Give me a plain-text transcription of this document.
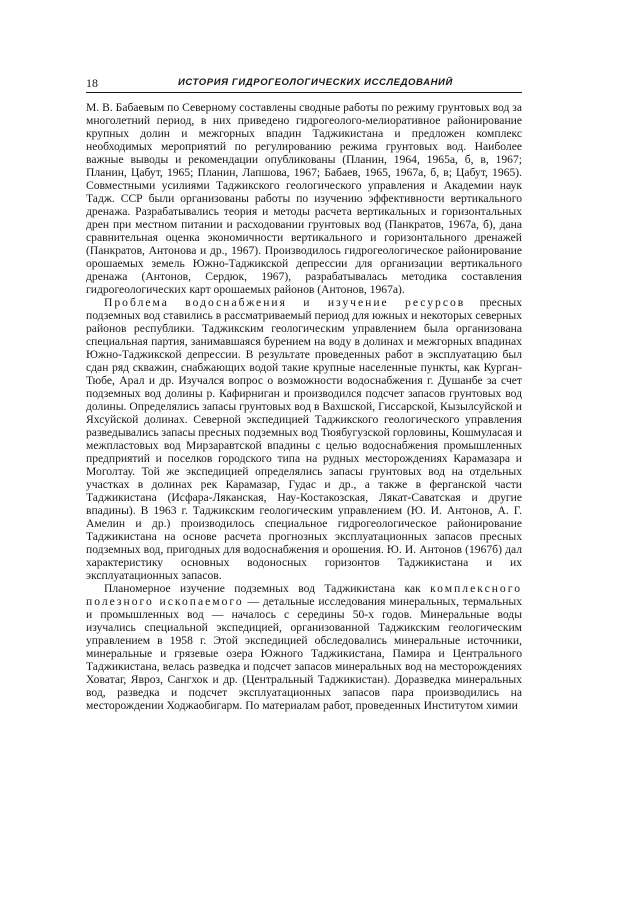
18	ИСТОРИЯ ГИДРОГЕОЛОГИЧЕСКИХ ИССЛЕДОВАНИЙ

М. В. Бабаевым по Северному составлены сводные работы по режиму грунтовых вод за многолетний период, в них приведено гидрогеолого-мелиоративное районирование крупных долин и межгорных впадин Таджикистана и предложен комплекс необходимых мероприятий по регулированию режима грунтовых вод. Наиболее важные выводы и рекомендации опубликованы (Планин, 1964, 1965а, б, в, 1967; Планин, Цабут, 1965; Планин, Лапшова, 1967; Бабаев, 1965, 1967а, б, в; Цабут, 1965). Совместными усилиями Таджикского геологического управления и Академии наук Тадж. ССР были организованы работы по изучению эффективности вертикального дренажа. Разрабатывались теория и методы расчета вертикальных и горизонтальных дрен при местном питании и расходовании грунтовых вод (Панкратов, 1967а, б), дана сравнительная оценка экономичности вертикального и горизонтального дренажей (Панкратов, Антонова и др., 1967). Производилось гидрогеологическое районирование орошаемых земель Южно-Таджикской депрессии для организации вертикального дренажа (Антонов, Сердюк, 1967), разрабатывалась методика составления гидрогеологических карт орошаемых районов (Антонов, 1967а).

Проблема водоснабжения и изучение ресурсов пресных подземных вод ставились в рассматриваемый период для южных и некоторых северных районов республики. Таджикским геологическим управлением была организована специальная партия, занимавшаяся бурением на воду в долинах и межгорных впадинах Южно-Таджикской депрессии. В результате проведенных работ в эксплуатацию был сдан ряд скважин, снабжающих водой такие крупные населенные пункты, как Курган-Тюбе, Арал и др. Изучался вопрос о возможности водоснабжения г. Душанбе за счет подземных вод долины р. Кафирниган и производился подсчет запасов грунтовых вод долины. Определялись запасы грунтовых вод в Вахшской, Гиссарской, Кызылсуйской и Яхсуйской долинах. Северной экспедицией Таджикского геологического управления разведывались запасы пресных подземных вод Тюябугузской горловины, Кошмуласая и межпластовых вод Мирзаравтской впадины с целью водоснабжения промышленных предприятий и поселков городского типа на рудных месторождениях Карамазара и Моголтау. Той же экспедицией определялись запасы грунтовых вод на отдельных участках в долинах рек Карамазар, Гудас и др., а также в ферганской части Таджикистана (Исфара-Ляканская, Нау-Костакозская, Лякат-Саватская и другие впадины). В 1963 г. Таджикским геологическим управлением (Ю. И. Антонов, А. Г. Амелин и др.) производилось специальное гидрогеологическое районирование Таджикистана на основе расчета прогнозных эксплуатационных запасов пресных подземных вод, пригодных для водоснабжения и орошения. Ю. И. Антонов (1967б) дал характеристику основных водоносных горизонтов Таджикистана и их эксплуатационных запасов.

Планомерное изучение подземных вод Таджикистана как комплексного полезного ископаемого — детальные исследования минеральных, термальных и промышленных вод — началось с середины 50-х годов. Минеральные воды изучались специальной экспедицией, организованной Таджикским геологическим управлением в 1958 г. Этой экспедицией обследовались минеральные источники, минеральные и грязевые озера Южного Таджикистана, Памира и Центрального Таджикистана, велась разведка и подсчет запасов минеральных вод на месторождениях Ховатаг, Явроз, Сангхок и др. (Центральный Таджикистан). Доразведка минеральных вод, разведка и подсчет эксплуатационных запасов пара производились на месторождении Ходжаобигарм. По материалам работ, проведенных Институтом химии
